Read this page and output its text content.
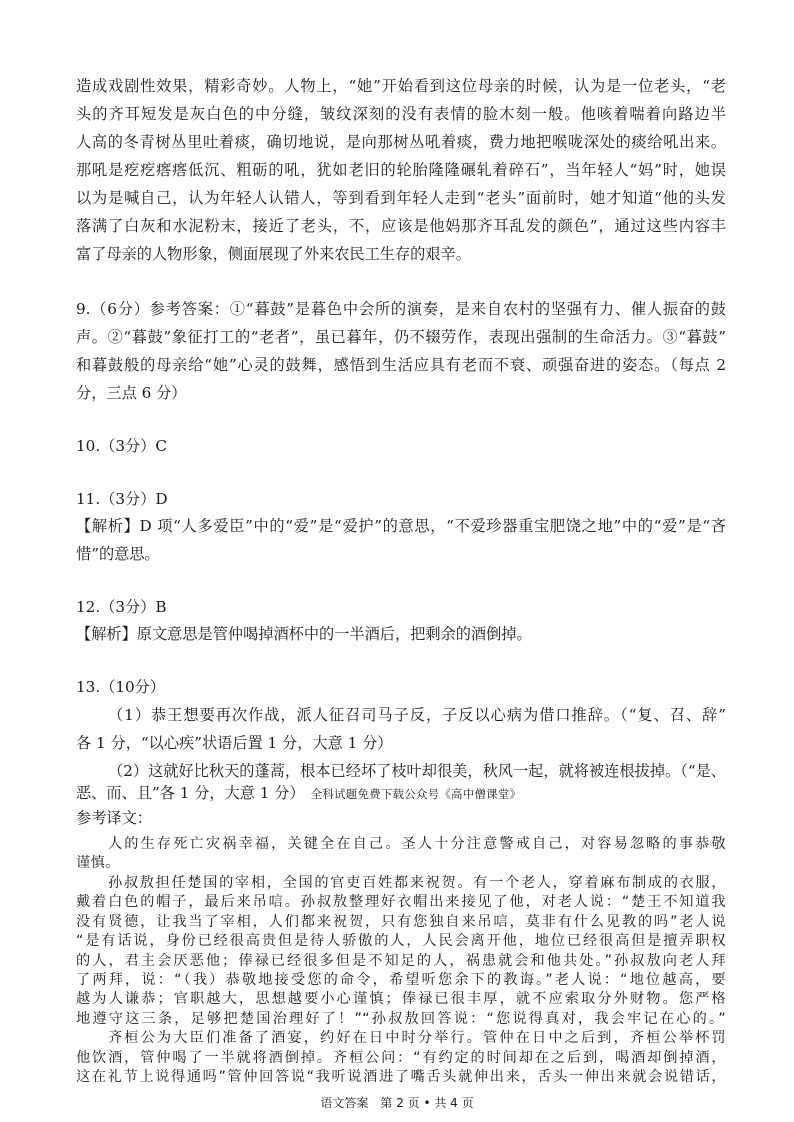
造成戏剧性效果，精彩奇妙。人物上，“她”开始看到这位母亲的时候，认为是一位老头，“老
头的齐耳短发是灰白色的中分缝，皱纹深刻的没有表情的脸木刻一般。他咳着喘着向路边半
人高的冬青树丛里吐着痰，确切地说，是向那树丛吼着痰，费力地把喉咙深处的痰给吼出来。
那吼是疙疙瘩瘩低沉、粗砺的吼，犹如老旧的轮胎隆隆碾轧着碎石”，当年轻人“妈”时，她误
以为是喊自己，认为年轻人认错人，等到看到年轻人走到“老头”面前时，她才知道“他的头发
落满了白灰和水泥粉末，接近了老头，不，应该是他妈那齐耳乱发的颜色”，通过这些内容丰
富了母亲的人物形象，侧面展现了外来农民工生存的艰辛。
9.（6分）参考答案：①“暮鼓”是暮色中会所的演奏，是来自农村的坚强有力、催人振奋的鼓
声。②“暮鼓”象征打工的“老者”，虽已暮年，仍不辍劳作，表现出强制的生命活力。③“暮鼓”
和暮鼓般的母亲给“她”心灵的鼓舞，感悟到生活应具有老而不衰、顽强奋进的姿态。（每点 2
分，三点 6 分）
10.（3分）C
11.（3分）D
【解析】D 项“人多爱臣”中的“爱”是“爱护”的意思，“不爱珍器重宝肥饶之地”中的“爱”是“吝
惜”的意思。
12.（3分）B
【解析】原文意思是管仲喝掉酒杯中的一半酒后，把剩余的酒倒掉。
13.（10分）
（1）恭王想要再次作战，派人征召司马子反，子反以心病为借口推辞。（“复、召、辞”
各 1 分，“以心疾”状语后置 1 分，大意 1 分）
（2）这就好比秋天的蓬蒿，根本已经坏了枝叶却很美，秋风一起，就将被连根拔掉。（“是、
恶、而、且”各 1 分，大意 1 分） 全科试题免费下载公众号《高中僧课堂》
参考译文：
人的生存死亡灾祸幸福，关键全在自己。圣人十分注意警戒自己，对容易忽略的事恭敬
谨慎。
孙叔敖担任楚国的宰相，全国的官吏百姓都来祝贺。有一个老人，穿着麻布制成的衣服，
戴着白色的帽子，最后来吊唁。孙叔敖整理好衣帽出来接见了他，对老人说：“楚王不知道我
没有贤德，让我当了宰相，人们都来祝贺，只有您独自来吊唁，莫非有什么见教的吗”老人说
“是有话说，身份已经很高贵但是待人骄傲的人，人民会离开他，地位已经很高但是擅弄职权
的人，君主会厌恶他；俸禄已经很多但是不知足的人，祸患就会和他共处。”孙叔敖向老人拜
了两拜，说：“（我）恭敬地接受您的命令，希望听您余下的教诲。”老人说：“地位越高，要
越为人谦恭；官职越大，思想越要小心谨慎；俸禄已很丰厚，就不应索取分外财物。您严格
语文答案　第 2 页 • 共 4 页
地遵守这三条，足够把楚国治理好了！”“孙叔敖回答说：“您说得真对，我会牢记在心的。”
齐桓公为大臣们准备了酒宴，约好在日中时分举行。管仲在日中之后到，齐桓公举杯罚
他饮酒，管仲喝了一半就将酒倒掉。齐桓公问：“有约定的时间却在之后到，喝酒却倒掉酒，
这在礼节上说得通吗”管仲回答说“我听说酒进了嘴舌头就伸出来，舌头一伸出来就会说错话，
